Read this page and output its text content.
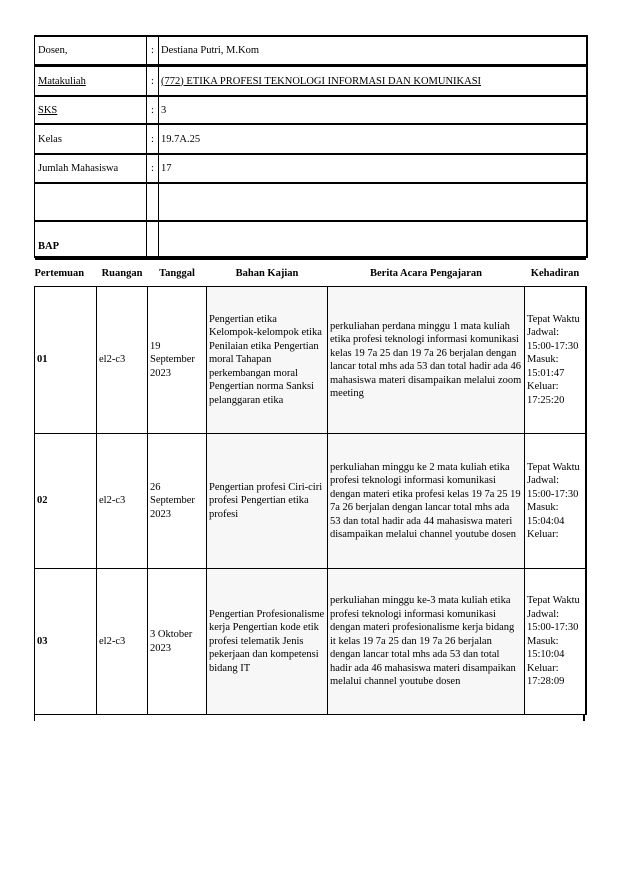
Dosen,	: Destiana Putri, M.Kom
Matakuliah	: (772) ETIKA PROFESI TEKNOLOGI INFORMASI DAN KOMUNIKASI
SKS	: 3
Kelas	: 19.7A.25
Jumlah Mahasiswa	: 17
BAP
Pertemuan	Ruangan	Tanggal	Bahan Kajian	Berita Acara Pengajaran	Kehadiran
01	el2-c3	19 September 2023	Pengertian etika Kelompok-kelompok etika Penilaian etika Pengertian moral Tahapan perkembangan moral Pengertian norma Sanksi pelanggaran etika	perkuliahan perdana minggu 1 mata kuliah etika profesi teknologi informasi komunikasi kelas 19 7a 25 dan 19 7a 26 berjalan dengan lancar total mhs ada 53 dan total hadir ada 46 mahasiswa materi disampaikan melalui zoom meeting	Tepat Waktu Jadwal: 15:00-17:30 Masuk: 15:01:47 Keluar: 17:25:20
02	el2-c3	26 September 2023	Pengertian profesi Ciri-ciri profesi Pengertian etika profesi	perkuliahan minggu ke 2 mata kuliah etika profesi teknologi informasi komunikasi dengan materi etika profesi kelas 19 7a 25 19 7a 26 berjalan dengan lancar total mhs ada 53 dan total hadir ada 44 mahasiswa materi disampaikan melalui channel youtube dosen	Tepat Waktu Jadwal: 15:00-17:30 Masuk: 15:04:04 Keluar:
03	el2-c3	3 Oktober 2023	Pengertian Profesionalisme kerja Pengertian kode etik profesi telematik Jenis pekerjaan dan kompetensi bidang IT	perkuliahan minggu ke-3 mata kuliah etika profesi teknologi informasi komunikasi dengan materi profesionalisme kerja bidang it kelas 19 7a 25 dan 19 7a 26 berjalan dengan lancar total mhs ada 53 dan total hadir ada 46 mahasiswa materi disampaikan melalui channel youtube dosen	Tepat Waktu Jadwal: 15:00-17:30 Masuk: 15:10:04 Keluar: 17:28:09
